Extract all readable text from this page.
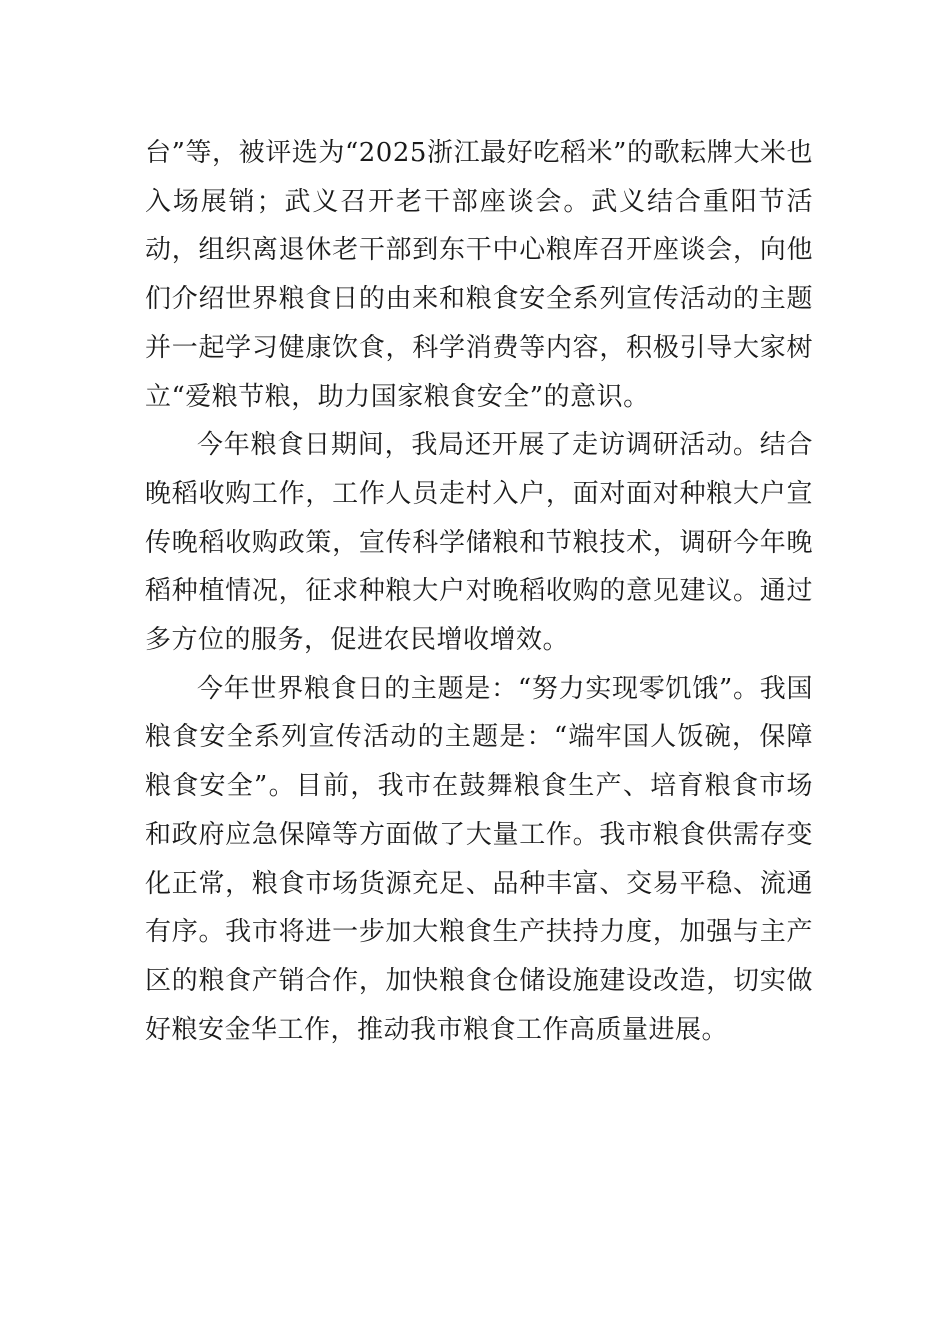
台”等，被评选为“2025浙江最好吃稻米”的歌耘牌大米也入场展销；武义召开老干部座谈会。武义结合重阳节活动，组织离退休老干部到东干中心粮库召开座谈会，向他们介绍世界粮食日的由来和粮食安全系列宣传活动的主题并一起学习健康饮食，科学消费等内容，积极引导大家树立“爱粮节粮，助力国家粮食安全”的意识。

今年粮食日期间，我局还开展了走访调研活动。结合晚稻收购工作，工作人员走村入户，面对面对种粮大户宣传晚稻收购政策，宣传科学储粮和节粮技术，调研今年晚稻种植情况，征求种粮大户对晚稻收购的意见建议。通过多方位的服务，促进农民增收增效。

今年世界粮食日的主题是：“努力实现零饥饿”。我国粮食安全系列宣传活动的主题是：“端牢国人饭碗，保障粮食安全”。目前，我市在鼓舞粮食生产、培育粮食市场和政府应急保障等方面做了大量工作。我市粮食供需存变化正常，粮食市场货源充足、品种丰富、交易平稳、流通有序。我市将进一步加大粮食生产扶持力度，加强与主产区的粮食产销合作，加快粮食仓储设施建设改造，切实做好粮安金华工作，推动我市粮食工作高质量进展。
